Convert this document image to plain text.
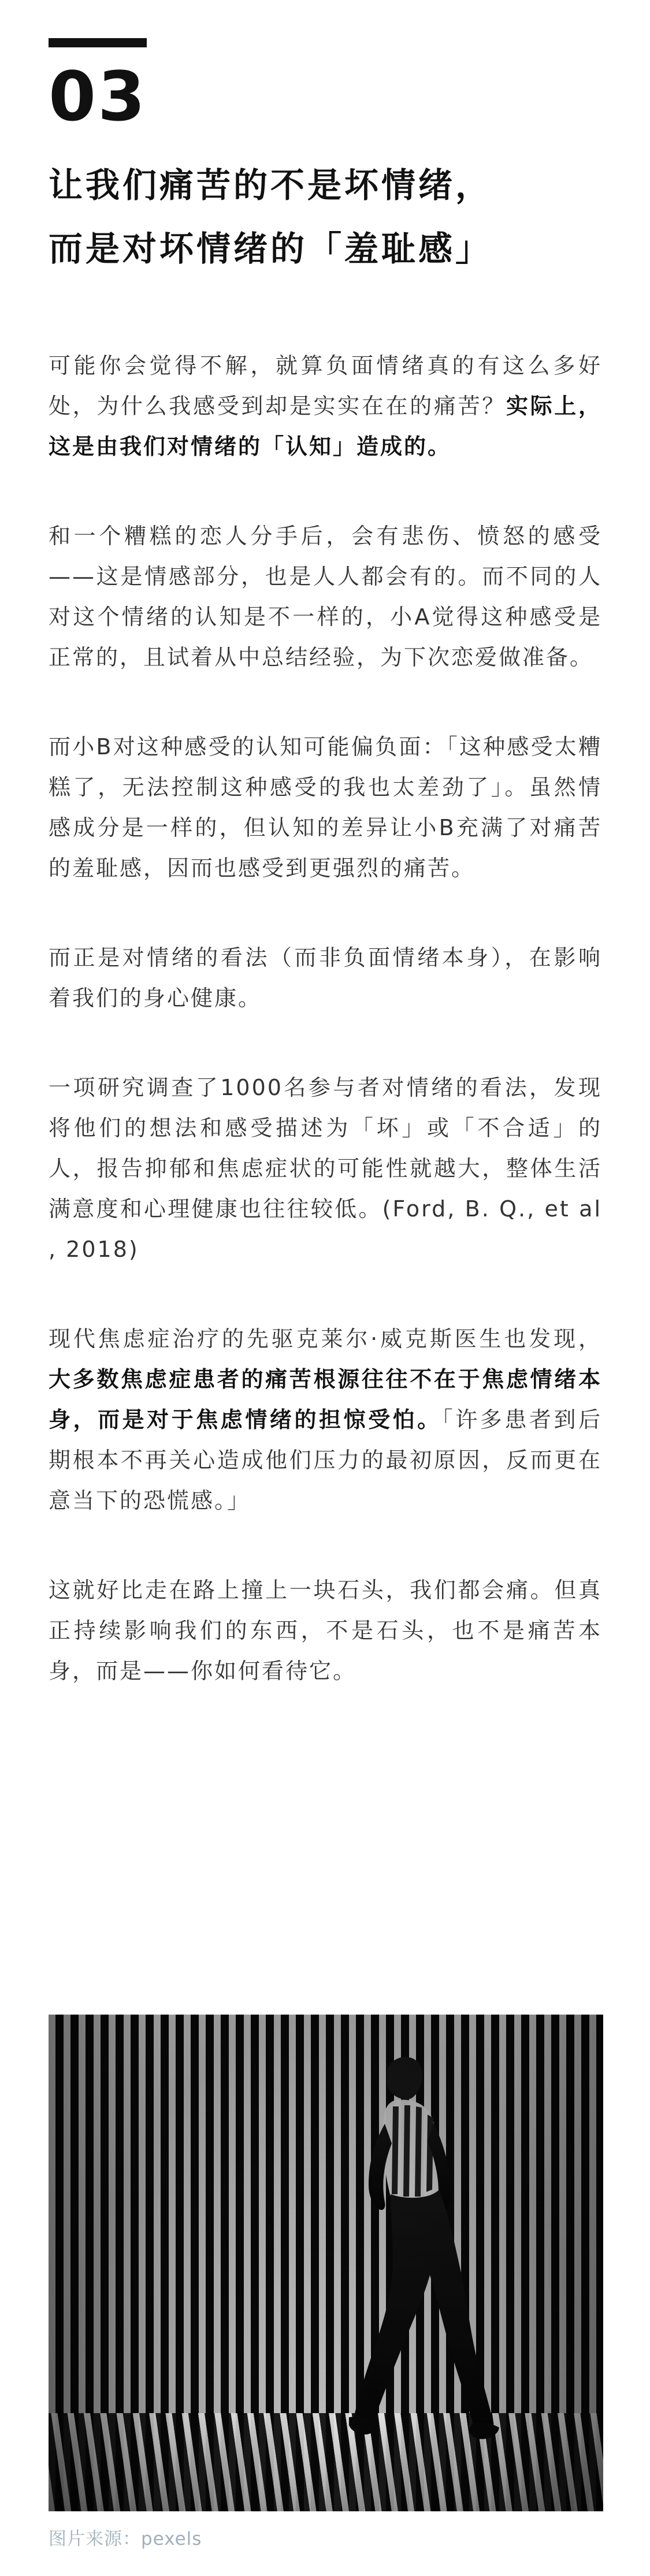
03
让我们痛苦的不是坏情绪，
而是对坏情绪的「羞耻感」

可能你会觉得不解，就算负面情绪真的有这么多好处，为什么我感受到却是实实在在的痛苦？实际上，这是由我们对情绪的「认知」造成的。

和一个糟糕的恋人分手后，会有悲伤、愤怒的感受——这是情感部分，也是人人都会有的。而不同的人对这个情绪的认知是不一样的，小A觉得这种感受是正常的，且试着从中总结经验，为下次恋爱做准备。

而小B对这种感受的认知可能偏负面：「这种感受太糟糕了，无法控制这种感受的我也太差劲了」。虽然情感成分是一样的，但认知的差异让小B充满了对痛苦的羞耻感，因而也感受到更强烈的痛苦。

而正是对情绪的看法（而非负面情绪本身），在影响着我们的身心健康。

一项研究调查了1000名参与者对情绪的看法，发现将他们的想法和感受描述为「坏」或「不合适」的人，报告抑郁和焦虑症状的可能性就越大，整体生活满意度和心理健康也往往较低。(Ford, B. Q., et al , 2018)

现代焦虑症治疗的先驱克莱尔·威克斯医生也发现，大多数焦虑症患者的痛苦根源往往不在于焦虑情绪本身，而是对于焦虑情绪的担惊受怕。「许多患者到后期根本不再关心造成他们压力的最初原因，反而更在意当下的恐慌感。」

这就好比走在路上撞上一块石头，我们都会痛。但真正持续影响我们的东西，不是石头，也不是痛苦本身，而是——你如何看待它。

图片来源：pexels
